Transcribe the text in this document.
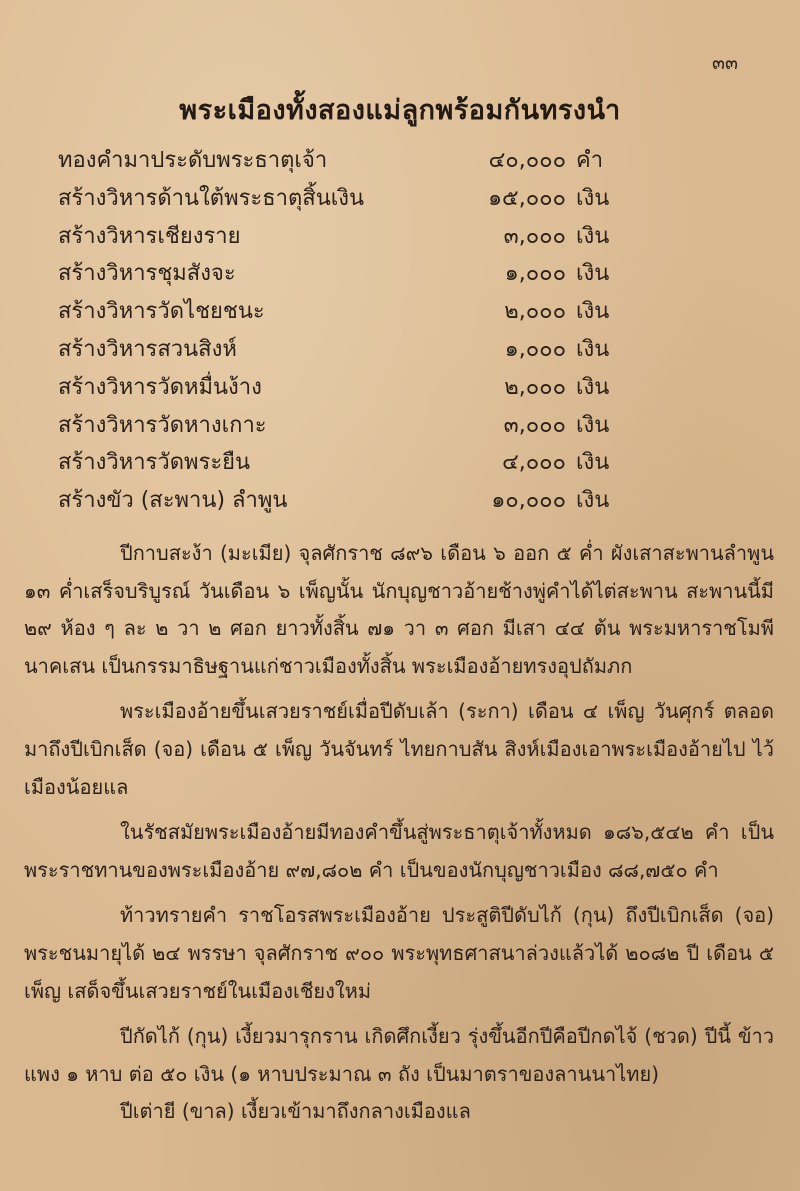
๓๓
พระเมืองทั้งสองแม่ลูกพร้อมกันทรงนำ
ทองคำมาประดับพระธาตุเจ้า	๔๐,๐๐๐ คำ
สร้างวิหารด้านใต้พระธาตุสิ้นเงิน	๑๕,๐๐๐ เงิน
สร้างวิหารเชียงราย	๓,๐๐๐ เงิน
สร้างวิหารชุมสังจะ	๑,๐๐๐ เงิน
สร้างวิหารวัดไชยชนะ	๒,๐๐๐ เงิน
สร้างวิหารสวนสิงห์	๑,๐๐๐ เงิน
สร้างวิหารวัดหมื่นง้าง	๒,๐๐๐ เงิน
สร้างวิหารวัดหางเกาะ	๓,๐๐๐ เงิน
สร้างวิหารวัดพระยืน	๔,๐๐๐ เงิน
สร้างขัว (สะพาน) ลำพูน	๑๐,๐๐๐ เงิน

ปีกาบสะง้า (มะเมีย) จุลศักราช ๘๙๖ เดือน ๖ ออก ๕ ค่ำ ผังเสาสะพานลำพูน ๑๓ ค่ำเสร็จบริบูรณ์ วันเดือน ๖ เพ็ญนั้น นักบุญชาวอ้ายช้างพู่คำได้ไต่สะพาน สะพานนี้มี ๒๙ ห้อง ๆ ละ ๒ วา ๒ ศอก ยาวทั้งสิ้น ๗๑ วา ๓ ศอก มีเสา ๔๔ ต้น พระมหาราชโมพี นาคเสน เป็นกรรมาธิษฐานแก่ชาวเมืองทั้งสิ้น พระเมืองอ้ายทรงอุปถัมภก

พระเมืองอ้ายขึ้นเสวยราชย์เมื่อปีดับเล้า (ระกา) เดือน ๔ เพ็ญ วันศุกร์ ตลอด มาถึงปีเบิกเส็ด (จอ) เดือน ๕ เพ็ญ วันจันทร์ ไทยกาบสัน สิงห์เมืองเอาพระเมืองอ้ายไป ไว้เมืองน้อยแล

ในรัชสมัยพระเมืองอ้ายมีทองคำขึ้นสู่พระธาตุเจ้าทั้งหมด ๑๘๖,๕๔๒ คำ เป็น พระราชทานของพระเมืองอ้าย ๙๗,๘๐๒ คำ เป็นของนักบุญชาวเมือง ๘๘,๗๕๐ คำ

ท้าวทรายคำ ราชโอรสพระเมืองอ้าย ประสูติปีดับไก้ (กุน) ถึงปีเบิกเส็ด (จอ) พระชนมายุได้ ๒๔ พรรษา จุลศักราช ๙๐๐ พระพุทธศาสนาล่วงแล้วได้ ๒๐๘๒ ปี เดือน ๕ เพ็ญ เสด็จขึ้นเสวยราชย์ในเมืองเชียงใหม่

ปีกัดไก้ (กุน) เงี้ยวมารุกราน เกิดศึกเงี้ยว รุ่งขึ้นอีกปีคือปีกดไจ้ (ชวด) ปีนี้ ข้าวแพง ๑ หาบ ต่อ ๕๐ เงิน (๑ หาบประมาณ ๓ ถัง เป็นมาตราของลานนาไทย)

ปีเต่ายี (ขาล) เงี้ยวเข้ามาถึงกลางเมืองแล
